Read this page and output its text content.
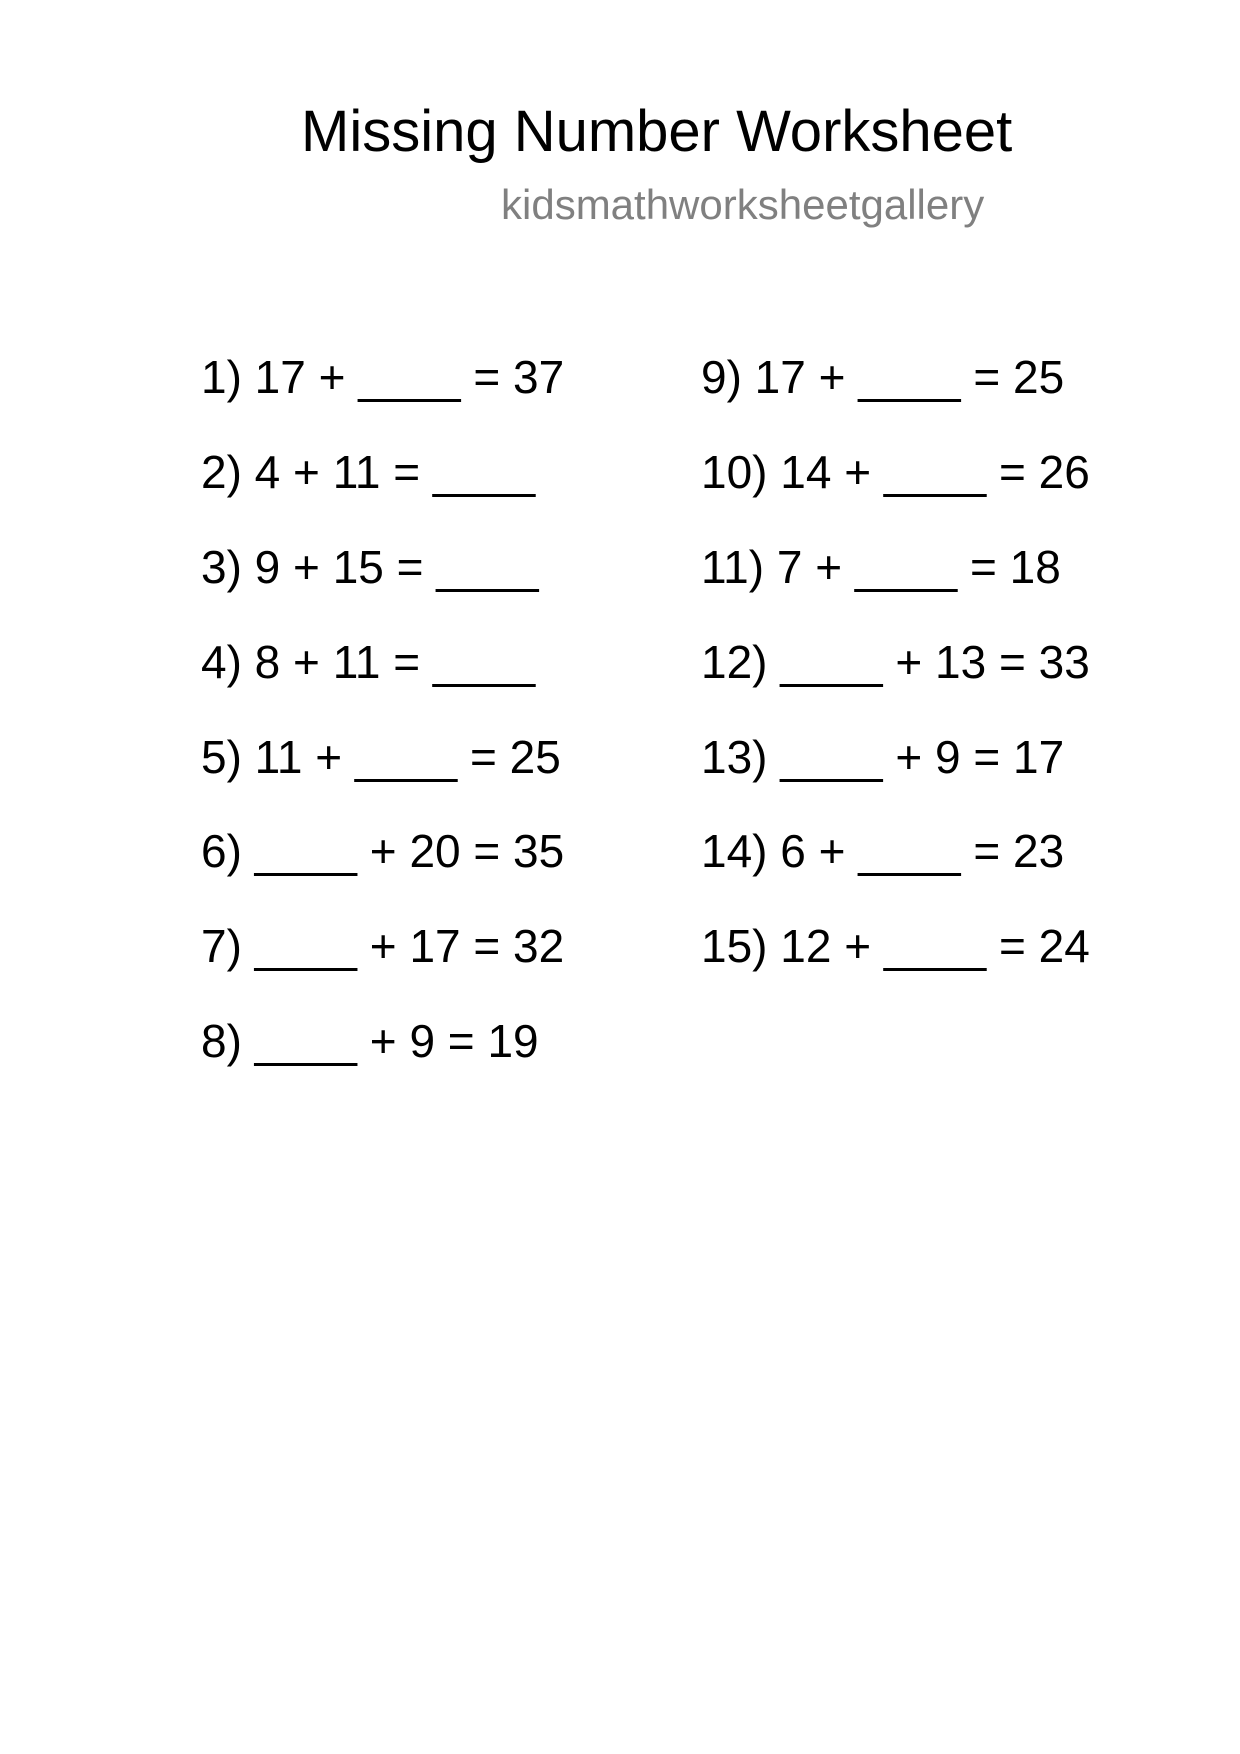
Missing Number Worksheet
kidsmathworksheetgallery
1) 17 + ____ = 37
2) 4 + 11 = ____
3) 9 + 15 = ____
4) 8 + 11 = ____
5) 11 + ____ = 25
6) ____ + 20 = 35
7) ____ + 17 = 32
8) ____ + 9 = 19
9) 17 + ____ = 25
10) 14 + ____ = 26
11) 7 + ____ = 18
12) ____ + 13 = 33
13) ____ + 9 = 17
14) 6 + ____ = 23
15) 12 + ____ = 24
